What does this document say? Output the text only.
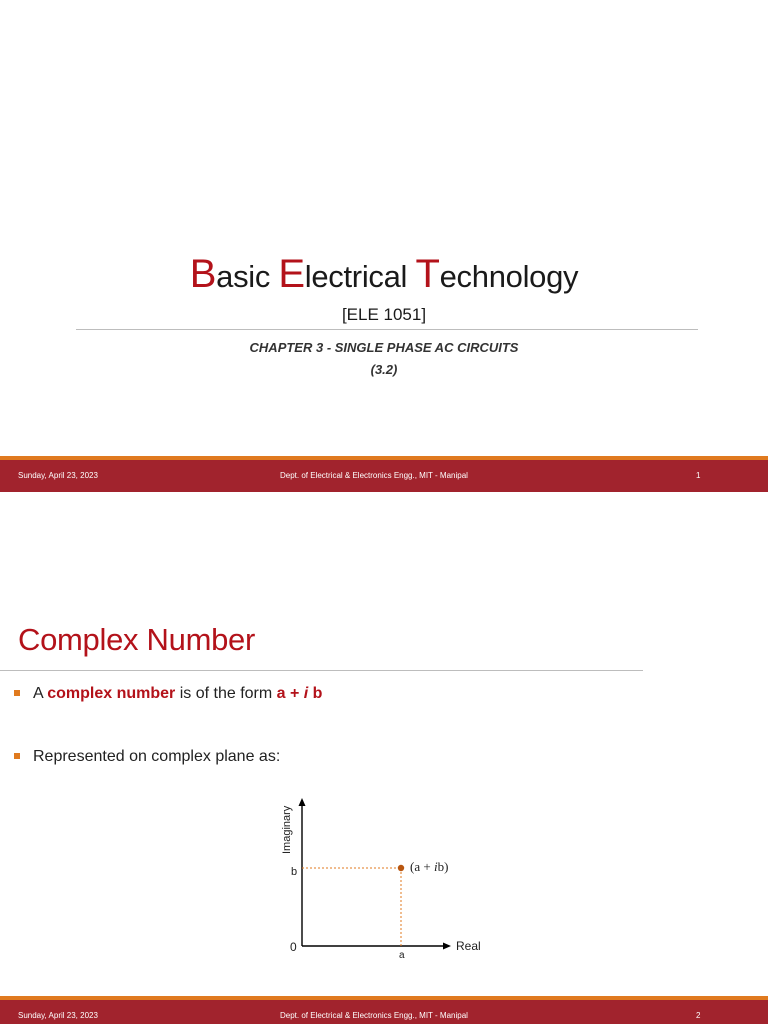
Basic Electrical Technology
[ELE 1051]
CHAPTER 3 - SINGLE PHASE AC CIRCUITS
(3.2)
Sunday, April 23, 2023	Dept. of Electrical & Electronics Engg., MIT - Manipal	1
Complex Number
A complex number is of the form a + i b
Represented on complex plane as:
Imaginary
Real
0
b
a
(a + ib)
Sunday, April 23, 2023	Dept. of Electrical & Electronics Engg., MIT - Manipal	2
